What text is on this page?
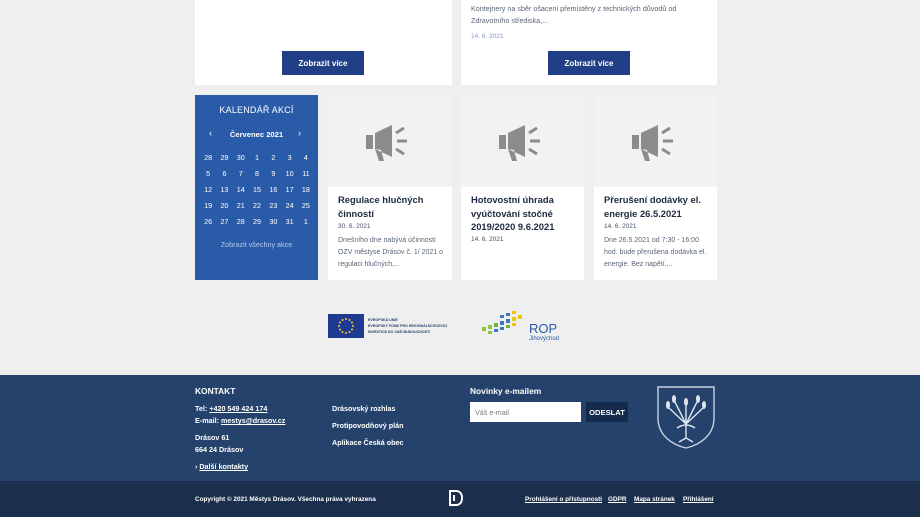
Zobrazit více
Kontejnery na sběr ošaceni přemístěny z technických důvodů od Zdravotního střediska,...
14. 6. 2021
Zobrazit více
KALENDÁŘ AKCÍ
Červenec 2021
‹	›
28	29	30	1	2	3	4
5	6	7	8	9	10	11
12	13	14	15	16	17	18
19	20	21	22	23	24	25
26	27	28	29	30	31	1
Zobrazit všechny akce
Regulace hlučných činností
30. 6. 2021
Dnešního dne nabývá účinnosti OZV městyse Drásov č. 1/ 2021 o regulaci hlučných,...
Hotovostní úhrada vyúčtování stočné 2019/2020 9.6.2021
14. 6. 2021
Přerušení dodávky el. energie 26.5.2021
14. 6. 2021
Dne 26.5.2021 od 7:30 - 16:00 hod. bude přerušena dodávka el. energie. Bez napětí,...
EVROPSKÁ UNIE
EVROPSKÝ FOND PRO REGIONÁLNÍ ROZVOJ
INVESTICE DO VAŠÍ BUDOUCNOSTI	ROP
Jihovýchod
KONTAKT
Tel: +420 549 424 174
E-mail: mestys@drasov.cz
Drásov 61
664 24 Drásov
› Další kontakty
Drásovský rozhlas
Protipovodňový plán
Aplikace Česká obec
Novinky e-mailem
Váš e-mail
ODESLAT
Copyright © 2021 Městys Drásov. Všechna práva vyhrazena	Prohlášení o přístupnosti GDPR Mapa stránek Přihlášení
